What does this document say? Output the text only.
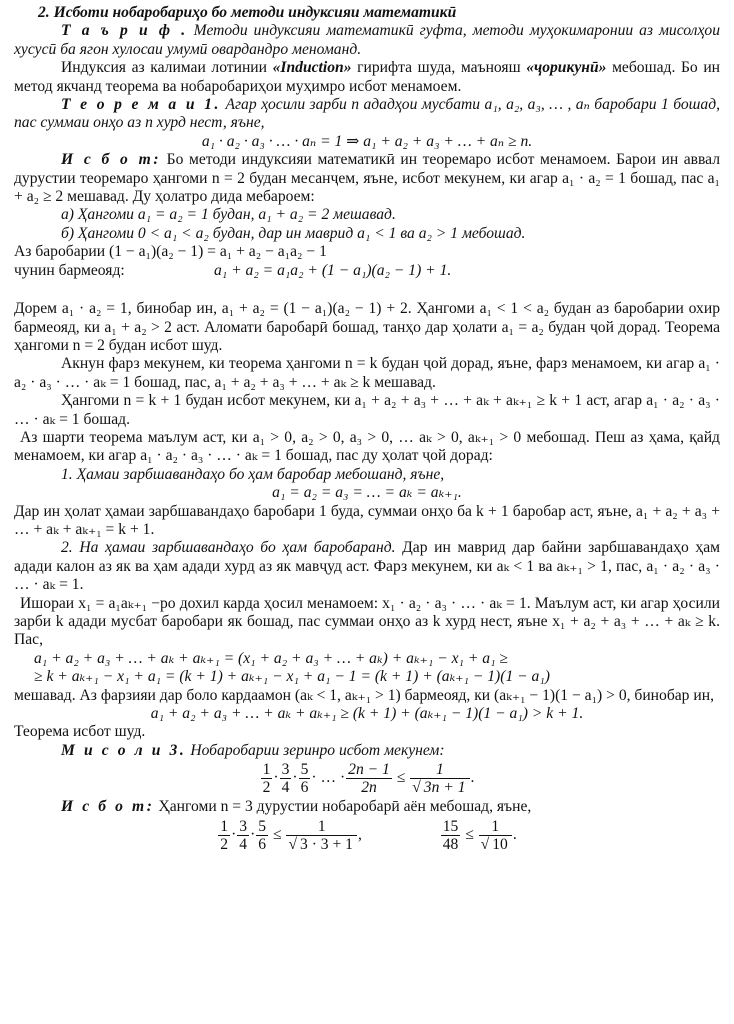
2. Исботи нобаробариҳо бо методи индуксияи математикӣ

Т а ъ р и ф . Методи индуксияи математикӣ гуфта, методи муҳокимаронии аз мисолҳои хусусӣ ба ягон хулосаи умумӣ овардандро меноманд.

Индуксия аз калимаи лотинии «Induction» гирифта шуда, маънояш «ҷорикунӣ» мебошад. Бо ин метод якчанд теорема ва нобаробариҳои муҳимро исбот менамоем.

Т е о р е м а и 1. Агар ҳосили зарби n ададҳои мусбати a₁, a₂, a₃, … , aₙ баробари 1 бошад, пас суммаи онҳо аз n хурд нест, яъне,

a₁ · a₂ · a₃ · … · aₙ = 1 ⇒ a₁ + a₂ + a₃ + … + aₙ ≥ n.

И с б о т: Бо методи индуксияи математикӣ ин теоремаро исбот менамоем. Барои ин аввал дурустии теоремаро ҳангоми n = 2 будан месанҷем, яъне, исбот мекунем, ки агар a₁ · a₂ = 1 бошад, пас a₁ + a₂ ≥ 2 мешавад. Ду ҳолатро дида мебароем:

а) Ҳангоми a₁ = a₂ = 1 будан, a₁ + a₂ = 2 мешавад.

б) Ҳангоми 0 < a₁ < a₂ будан, дар ин маврид a₁ < 1 ва a₂ > 1 мебошад.

Аз баробарии (1 − a₁)(a₂ − 1) = a₁ + a₂ − a₁a₂ − 1

чунин бармеояд:	a₁ + a₂ = a₁a₂ + (1 − a₁)(a₂ − 1) + 1.

Дорем a₁ · a₂ = 1, бинобар ин, a₁ + a₂ = (1 − a₁)(a₂ − 1) + 2. Ҳангоми a₁ < 1 < a₂ будан аз баробарии охир бармеояд, ки a₁ + a₂ > 2 аст. Аломати баробарӣ бошад, танҳо дар ҳолати a₁ = a₂ будан ҷой дорад. Теорема ҳангоми n = 2 будан исбот шуд.

Акнун фарз мекунем, ки теорема ҳангоми n = k будан ҷой дорад, яъне, фарз менамоем, ки агар a₁ · a₂ · a₃ · … · aₖ = 1 бошад, пас, a₁ + a₂ + a₃ + … + aₖ ≥ k мешавад.

Ҳангоми n = k + 1 будан исбот мекунем, ки a₁ + a₂ + a₃ + … + aₖ + aₖ₊₁ ≥ k + 1 аст, агар a₁ · a₂ · a₃ · … · aₖ = 1 бошад.

Аз шарти теорема маълум аст, ки a₁ > 0, a₂ > 0, a₃ > 0, … aₖ > 0, aₖ₊₁ > 0 мебошад. Пеш аз ҳама, қайд менамоем, ки агар a₁ · a₂ · a₃ · … · aₖ = 1 бошад, пас ду ҳолат ҷой дорад:

1. Ҳамаи зарбшавандаҳо бо ҳам баробар мебошанд, яъне,

a₁ = a₂ = a₃ = … = aₖ = aₖ₊₁.

Дар ин ҳолат ҳамаи зарбшавандаҳо баробари 1 буда, суммаи онҳо ба k + 1 баробар аст, яъне, a₁ + a₂ + a₃ + … + aₖ + aₖ₊₁ = k + 1.

2. На ҳамаи зарбшавандаҳо бо ҳам баробаранд. Дар ин маврид дар байни зарбшавандаҳо ҳам адади калон аз як ва ҳам адади хурд аз як мавҷуд аст. Фарз мекунем, ки aₖ < 1 ва aₖ₊₁ > 1, пас, a₁ · a₂ · a₃ · … · aₖ = 1.

Ишораи x₁ = a₁aₖ₊₁ −ро дохил карда ҳосил менамоем: x₁ · a₂ · a₃ · … · aₖ = 1. Маълум аст, ки агар ҳосили зарби k адади мусбат баробари як бошад, пас суммаи онҳо аз k хурд нест, яъне x₁ + a₂ + a₃ + … + aₖ ≥ k. Пас,

a₁ + a₂ + a₃ + … + aₖ + aₖ₊₁ = (x₁ + a₂ + a₃ + … + aₖ) + aₖ₊₁ − x₁ + a₁ ≥

≥ k + aₖ₊₁ − x₁ + a₁ = (k + 1) + aₖ₊₁ − x₁ + a₁ − 1 = (k + 1) + (aₖ₊₁ − 1)(1 − a₁)

мешавад. Аз фарзияи дар боло кардаамон (aₖ < 1, aₖ₊₁ > 1) бармеояд, ки (aₖ₊₁ − 1)(1 − a₁) > 0, бинобар ин,

a₁ + a₂ + a₃ + … + aₖ + aₖ₊₁ ≥ (k + 1) + (aₖ₊₁ − 1)(1 − a₁) > k + 1.

Теорема исбот шуд.

М и с о л и 3. Нобаробарии зеринро исбот мекунем:

$\frac{1}{2} \cdot \frac{3}{4} \cdot \frac{5}{6}$ · … · $\frac{2n - 1}{2n} \le \frac{1}{√ 3n + 1}$ .

И с б о т: Ҳангоми n = 3 дурустии нобаробарӣ аён мебошад, яъне,

$\frac{1}{2} \cdot \frac{3}{4} \cdot \frac{5}{6} \le \frac{1}{√ 3 \cdot 3 + 1}$ ,	$\frac{15}{48} \le \frac{1}{√ 10}$ .
